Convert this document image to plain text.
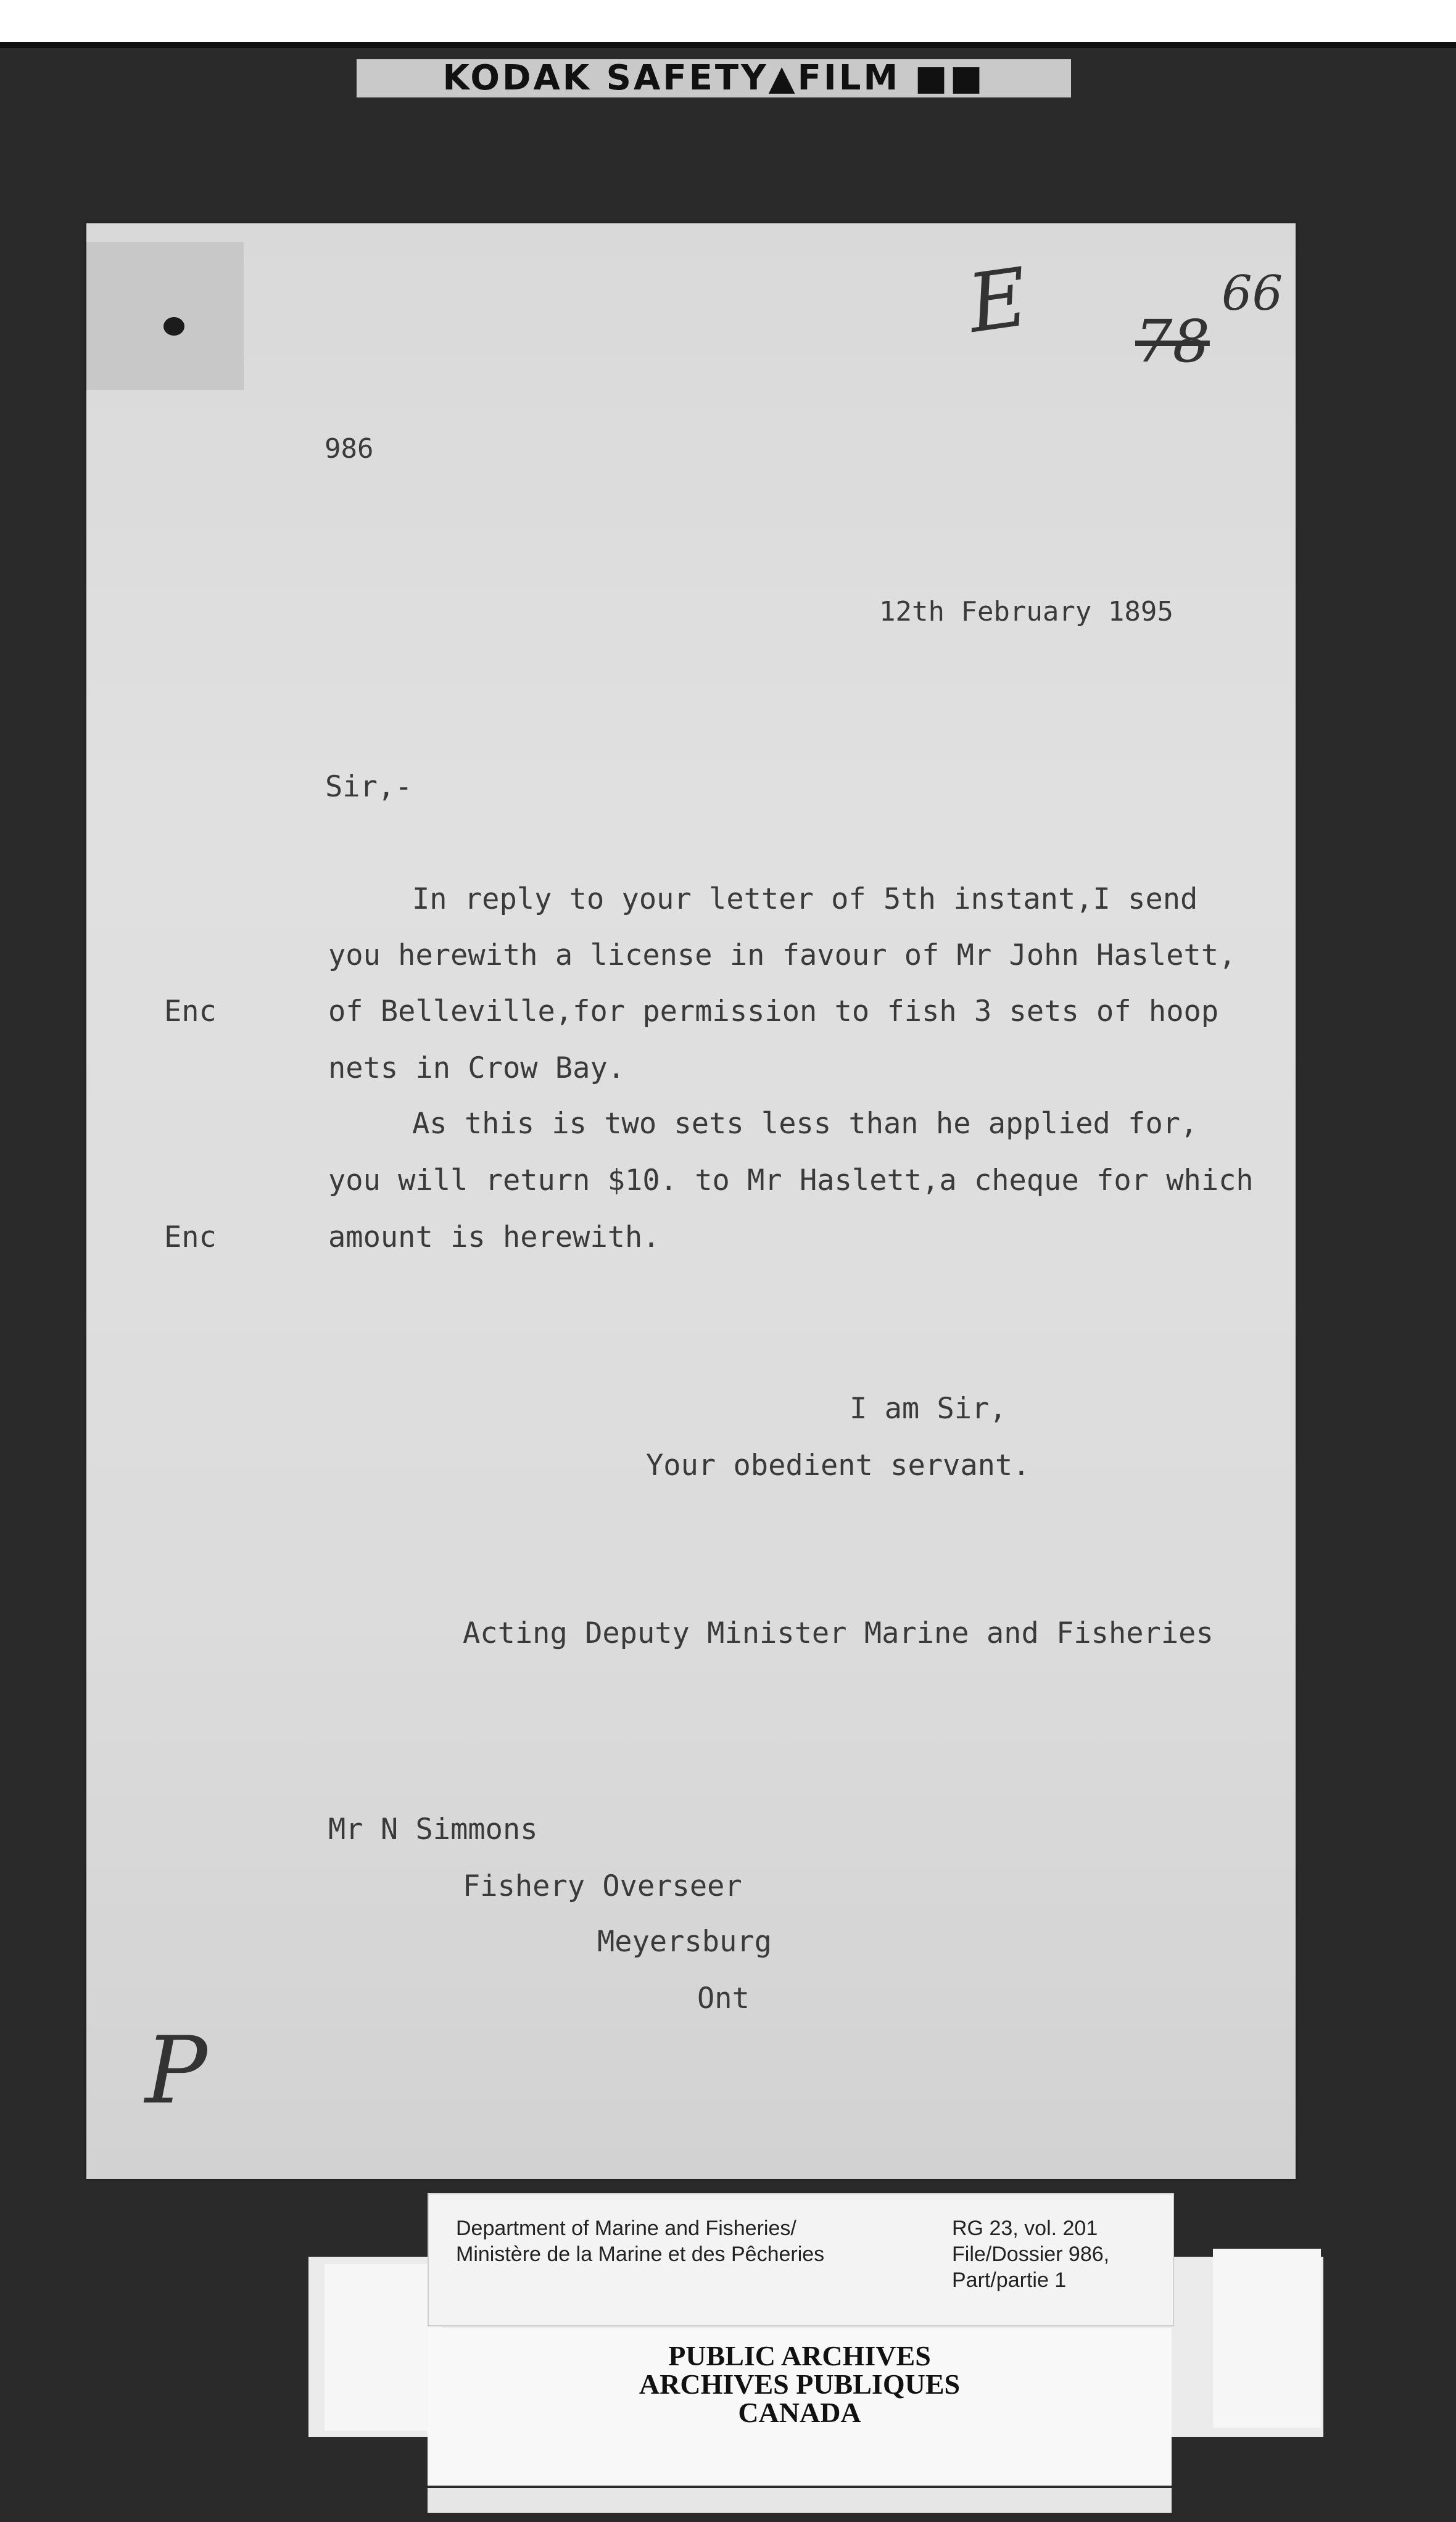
KODAK SAFETY▲FILM ■■
E 78
66
986
12th February 1895
Sir,-
In reply to your letter of 5th instant,I send
you herewith a license in favour of Mr John Haslett,
Enc	of Belleville,for permission to fish 3 sets of hoop
nets in Crow Bay.
As this is two sets less than he applied for,
you will return $10. to Mr Haslett,a cheque for which
Enc	amount is herewith.
I am Sir,
Your obedient servant.
Acting Deputy Minister Marine and Fisheries
Mr N Simmons
Fishery Overseer
Meyersburg
Ont
P
Department of Marine and Fisheries/
Ministère de la Marine et des Pêcheries
RG 23, vol. 201
File/Dossier 986,
Part/partie 1
PUBLIC ARCHIVES
ARCHIVES PUBLIQUES
CANADA
